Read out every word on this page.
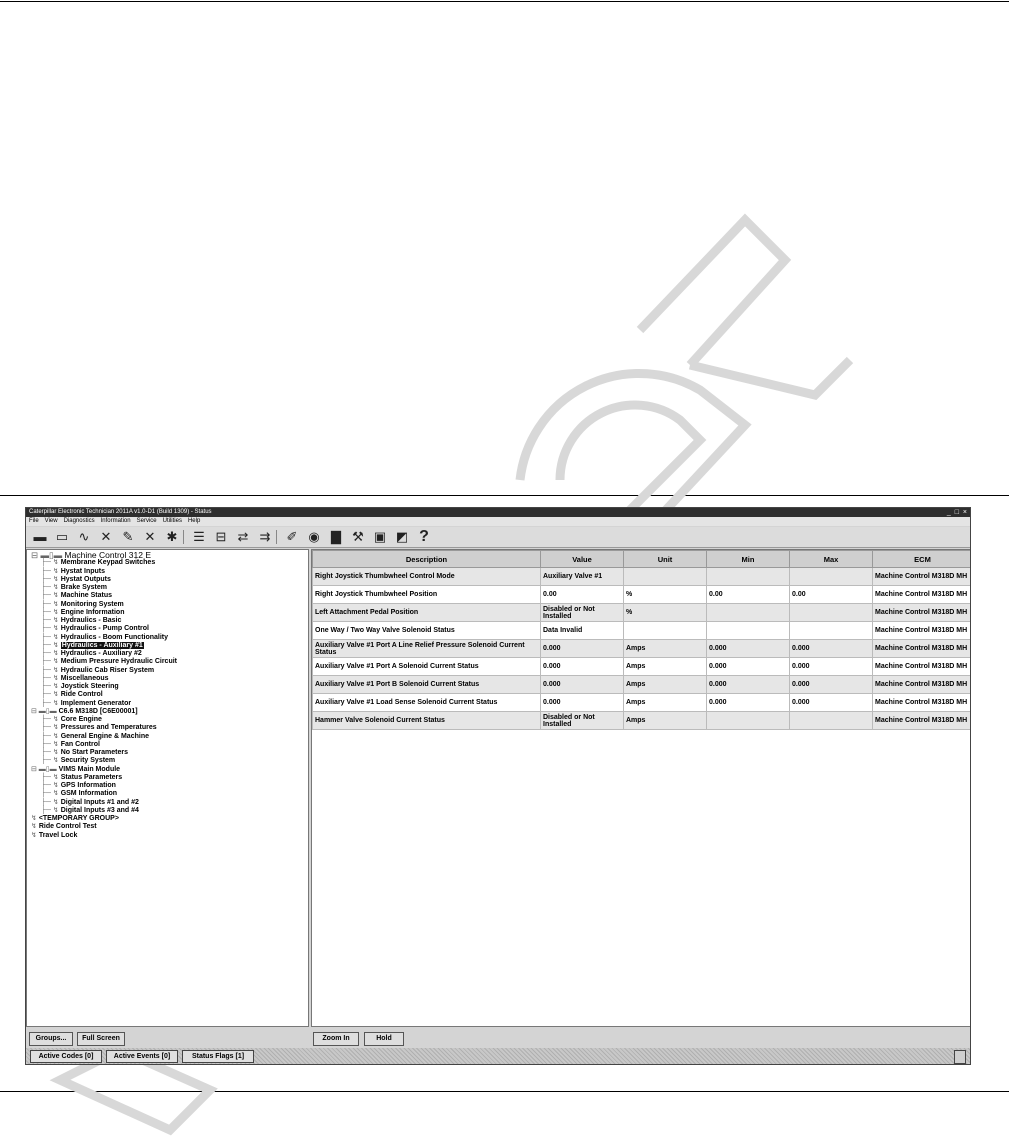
Caterpillar Electronic Technician 2011A v1.0-D1 (Build 1309) - Status	_ □ ×
File View Diagnostics Information Service Utilities Help
▬ ▭ ∿ ✕ ✎ ✕ ✱	☰ ⊟ ⇄ ⇉	✐ ◉ ▇ ⚒ ▣ ◩ ?
⊟ ▬▯▬ Machine Control 312 E
├─ ↯ Membrane Keypad Switches
├─ ↯ Hystat Inputs
├─ ↯ Hystat Outputs
├─ ↯ Brake System
├─ ↯ Machine Status
├─ ↯ Monitoring System
├─ ↯ Engine Information
├─ ↯ Hydraulics - Basic
├─ ↯ Hydraulics - Pump Control
├─ ↯ Hydraulics - Boom Functionality
├─ ↯ Hydraulics - Auxiliary #1
├─ ↯ Hydraulics - Auxiliary #2
├─ ↯ Medium Pressure Hydraulic Circuit
├─ ↯ Hydraulic Cab Riser System
├─ ↯ Miscellaneous
├─ ↯ Joystick Steering
├─ ↯ Ride Control
├─ ↯ Implement Generator
⊟ ▬▯▬ C6.6 M318D [C6E00001]
├─ ↯ Core Engine
├─ ↯ Pressures and Temperatures
├─ ↯ General Engine & Machine
├─ ↯ Fan Control
├─ ↯ No Start Parameters
├─ ↯ Security System
⊟ ▬▯▬ VIMS Main Module
├─ ↯ Status Parameters
├─ ↯ GPS Information
├─ ↯ GSM Information
├─ ↯ Digital Inputs #1 and #2
├─ ↯ Digital Inputs #3 and #4
↯ <TEMPORARY GROUP>
↯ Ride Control Test
↯ Travel Lock
Description	Value	Unit	Min	Max	ECM
Right Joystick Thumbwheel Control Mode	Auxiliary Valve #1				Machine Control M318D MH
Right Joystick Thumbwheel Position	0.00	%	0.00	0.00	Machine Control M318D MH
Left Attachment Pedal Position	Disabled or Not Installed	%			Machine Control M318D MH
One Way / Two Way Valve Solenoid Status	Data Invalid				Machine Control M318D MH
Auxiliary Valve #1 Port A Line Relief Pressure Solenoid Current Status	0.000	Amps	0.000	0.000	Machine Control M318D MH
Auxiliary Valve #1 Port A Solenoid Current Status	0.000	Amps	0.000	0.000	Machine Control M318D MH
Auxiliary Valve #1 Port B Solenoid Current Status	0.000	Amps	0.000	0.000	Machine Control M318D MH
Auxiliary Valve #1 Load Sense Solenoid Current Status	0.000	Amps	0.000	0.000	Machine Control M318D MH
Hammer Valve Solenoid Current Status	Disabled or Not Installed	Amps			Machine Control M318D MH
Groups...	Full Screen	Zoom In	Hold
Active Codes [0]	Active Events [0]	Status Flags [1]
